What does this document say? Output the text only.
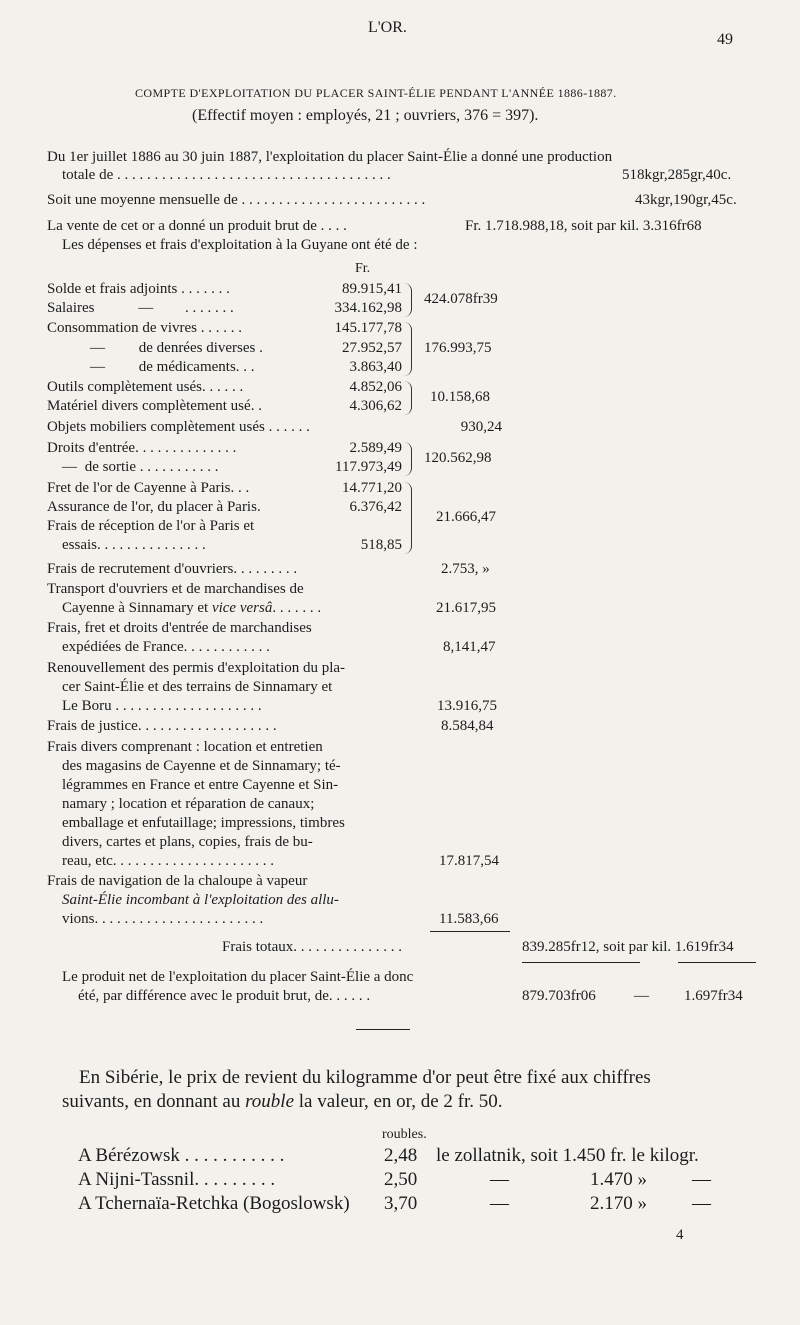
L'OR.
49
COMPTE D'EXPLOITATION DU PLACER SAINT-ÉLIE PENDANT L'ANNÉE 1886-1887.
(Effectif moyen : employés, 21 ; ouvriers, 376 = 397).
Du 1er juillet 1886 au 30 juin 1887, l'exploitation du placer Saint-Élie a donné une production
totale de . . . . . . . . . . . . . . . . . . . . . . . . . . . . . . . . . . . . .	518kgr,285gr,40c.
Soit une moyenne mensuelle de . . . . . . . . . . . . . . . . . . . . . . . . .	43kgr,190gr,45c.
La vente de cet or a donné un produit brut de . . . .	Fr. 1.718.988,18, soit par kil. 3.316fr68
Les dépenses et frais d'exploitation à la Guyane ont été de :
Fr.
Solde et frais adjoints . . . . . . .	89.915,41
Salaires	— . . . . . . .	334.162,98
424.078fr39
Consommation de vivres . . . . . .	145.177,78
— de denrées diverses .	27.952,57
— de médicaments. . .	3.863,40
176.993,75
Outils complètement usés. . . . . .	4.852,06
Matériel divers complètement usé. .	4.306,62
10.158,68
Objets mobiliers complètement usés . . . . . .	930,24
Droits d'entrée. . . . . . . . . . . . . .	2.589,49
— de sortie . . . . . . . . . . .	117.973,49
120.562,98
Fret de l'or de Cayenne à Paris. . .	14.771,20
Assurance de l'or, du placer à Paris.	6.376,42
Frais de réception de l'or à Paris et
essais. . . . . . . . . . . . . . .	518,85
21.666,47
Frais de recrutement d'ouvriers. . . . . . . . .	2.753, »
Transport d'ouvriers et de marchandises de
Cayenne à Sinnamary et vice versâ. . . . . . .	21.617,95
Frais, fret et droits d'entrée de marchandises
expédiées de France. . . . . . . . . . . .	8,141,47
Renouvellement des permis d'exploitation du pla-
cer Saint-Élie et des terrains de Sinnamary et
Le Boru . . . . . . . . . . . . . . . . . . . .	13.916,75
Frais de justice. . . . . . . . . . . . . . . . . . .	8.584,84
Frais divers comprenant : location et entretien
des magasins de Cayenne et de Sinnamary; té-
légrammes en France et entre Cayenne et Sin-
namary ; location et réparation de canaux;
emballage et enfutaillage; impressions, timbres
divers, cartes et plans, copies, frais de bu-
reau, etc. . . . . . . . . . . . . . . . . . . . . .	17.817,54
Frais de navigation de la chaloupe à vapeur
Saint-Élie incombant à l'exploitation des allu-
vions. . . . . . . . . . . . . . . . . . . . . . .	11.583,66
Frais totaux. . . . . . . . . . . . . . .	839.285fr12, soit par kil. 1.619fr34
Le produit net de l'exploitation du placer Saint-Élie a donc
été, par différence avec le produit brut, de. . . . . .	879.703fr06	— 1.697fr34
En Sibérie, le prix de revient du kilogramme d'or peut être fixé aux chiffres
suivants, en donnant au rouble la valeur, en or, de 2 fr. 50.
roubles.
A Bérézowsk . . . . . . . . . . .	2,48 le zollatnik, soit 1.450 fr. le kilogr.
A Nijni-Tassnil. . . . . . . . .	2,50	—	1.470 » —
A Tchernaïa-Retchka (Bogoslowsk) 3,70	—	2.170 » —
4
